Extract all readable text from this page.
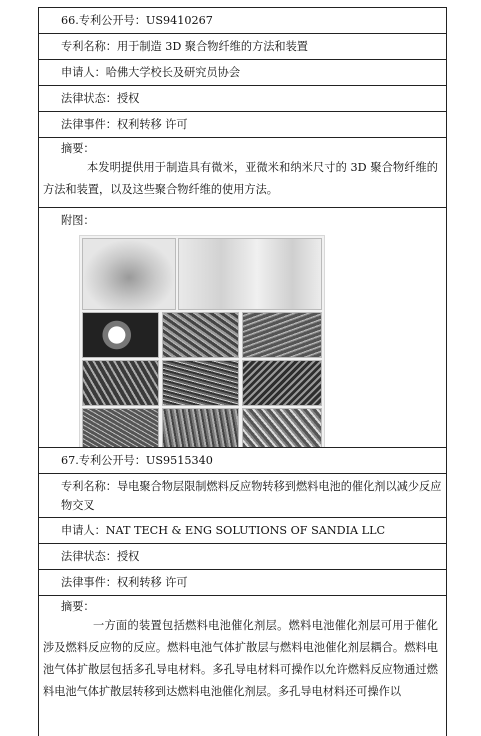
66.专利公开号：US9410267
专利名称：用于制造 3D 聚合物纤维的方法和装置
申请人：哈佛大学校长及研究员协会
法律状态：授权
法律事件：权利转移 许可
摘要：
本发明提供用于制造具有微米，亚微米和纳米尺寸的 3D 聚合物纤维的方法和装置，以及这些聚合物纤维的使用方法。
附图：
67.专利公开号：US9515340
专利名称：导电聚合物层限制燃料反应物转移到燃料电池的催化剂以减少反应物交叉
申请人：NAT TECH & ENG SOLUTIONS OF SANDIA LLC
法律状态：授权
法律事件：权利转移 许可
摘要：
一方面的装置包括燃料电池催化剂层。燃料电池催化剂层可用于催化涉及燃料反应物的反应。燃料电池气体扩散层与燃料电池催化剂层耦合。燃料电池气体扩散层包括多孔导电材料。多孔导电材料可操作以允许燃料反应物通过燃料电池气体扩散层转移到达燃料电池催化剂层。多孔导电材料还可操作以
